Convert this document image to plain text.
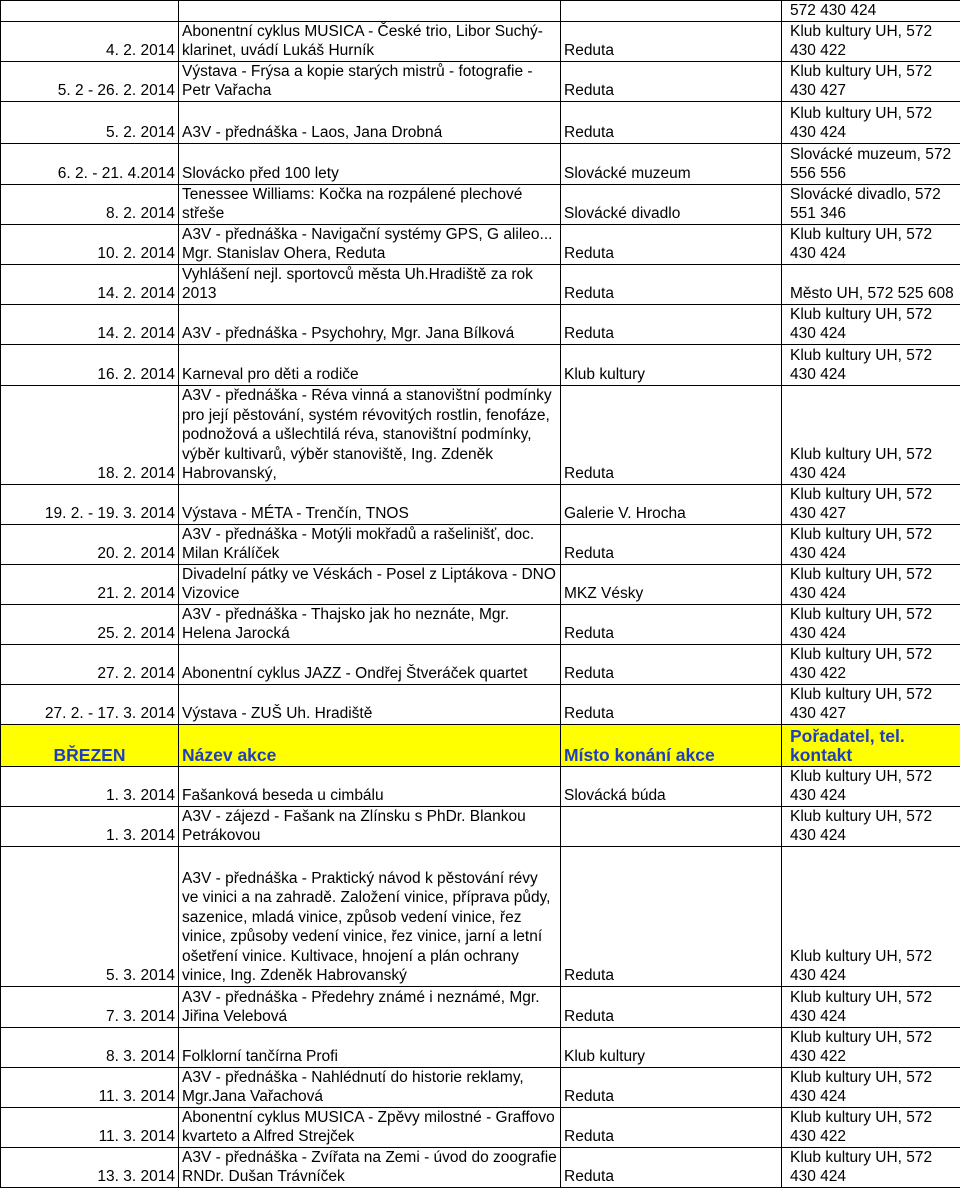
			572 430 424
4. 2. 2014	Abonentní cyklus MUSICA - České trio, Libor Suchý-klarinet, uvádí Lukáš Hurník	Reduta	Klub kultury UH, 572 430 422
5. 2 - 26. 2. 2014	Výstava - Frýsa a kopie starých mistrů - fotografie - Petr Vařacha	Reduta	Klub kultury UH, 572 430 427
5. 2. 2014	A3V - přednáška - Laos, Jana Drobná	Reduta	Klub kultury UH, 572 430 424
6. 2. - 21. 4.2014	Slovácko před 100 lety	Slovácké muzeum	Slovácké muzeum, 572 556 556
8. 2. 2014	Tenessee Williams: Kočka na rozpálené plechové střeše	Slovácké divadlo	Slovácké divadlo, 572 551 346
10. 2. 2014	A3V - přednáška - Navigační systémy GPS, G alileo... Mgr. Stanislav Ohera, Reduta	Reduta	Klub kultury UH, 572 430 424
14. 2. 2014	Vyhlášení nejl. sportovců města Uh.Hradiště za rok 2013	Reduta	Město UH, 572 525 608
14. 2. 2014	A3V - přednáška - Psychohry, Mgr. Jana Bílková	Reduta	Klub kultury UH, 572 430 424
16. 2. 2014	Karneval pro děti a rodiče	Klub kultury	Klub kultury UH, 572 430 424
18. 2. 2014	A3V - přednáška - Réva vinná a stanovištní podmínky pro její pěstování, systém révovitých rostlin, fenofáze, podnožová a ušlechtilá réva, stanovištní podmínky, výběr kultivarů, výběr stanoviště, Ing. Zdeněk Habrovanský,	Reduta	Klub kultury UH, 572 430 424
19. 2. - 19. 3. 2014	Výstava - MÉTA - Trenčín, TNOS	Galerie V. Hrocha	Klub kultury UH, 572 430 427
20. 2. 2014	A3V - přednáška - Motýli mokřadů a rašelinišť, doc. Milan Králíček	Reduta	Klub kultury UH, 572 430 424
21. 2. 2014	Divadelní pátky ve Véskách - Posel z Liptákova - DNO Vizovice	MKZ Vésky	Klub kultury UH, 572 430 424
25. 2. 2014	A3V - přednáška - Thajsko jak ho neznáte, Mgr. Helena Jarocká	Reduta	Klub kultury UH, 572 430 424
27. 2. 2014	Abonentní cyklus JAZZ - Ondřej Štveráček quartet	Reduta	Klub kultury UH, 572 430 422
27. 2. - 17. 3. 2014	Výstava - ZUŠ Uh. Hradiště	Reduta	Klub kultury UH, 572 430 427
BŘEZEN	Název akce	Místo konání akce	Pořadatel, tel. kontakt
1. 3. 2014	Fašanková beseda u cimbálu	Slovácká búda	Klub kultury UH, 572 430 424
1. 3. 2014	A3V - zájezd - Fašank na Zlínsku s PhDr. Blankou Petrákovou		Klub kultury UH, 572 430 424
5. 3. 2014	A3V - přednáška - Praktický návod k pěstování révy ve vinici a na zahradě. Založení vinice, příprava půdy, sazenice, mladá vinice, způsob vedení vinice, řez vinice, způsoby vedení vinice, řez vinice, jarní a letní ošetření vinice. Kultivace, hnojení a plán ochrany vinice, Ing. Zdeněk Habrovanský	Reduta	Klub kultury UH, 572 430 424
7. 3. 2014	A3V - přednáška - Předehry známé i neznámé, Mgr. Jiřina Velebová	Reduta	Klub kultury UH, 572 430 424
8. 3. 2014	Folklorní tančírna Profi	Klub kultury	Klub kultury UH, 572 430 422
11. 3. 2014	A3V - přednáška - Nahlédnutí do historie reklamy, Mgr.Jana Vařachová	Reduta	Klub kultury UH, 572 430 424
11. 3. 2014	Abonentní cyklus MUSICA - Zpěvy milostné - Graffovo kvarteto a Alfred Strejček	Reduta	Klub kultury UH, 572 430 422
13. 3. 2014	A3V - přednáška - Zvířata na Zemi - úvod do zoografie RNDr. Dušan Trávníček	Reduta	Klub kultury UH, 572 430 424
